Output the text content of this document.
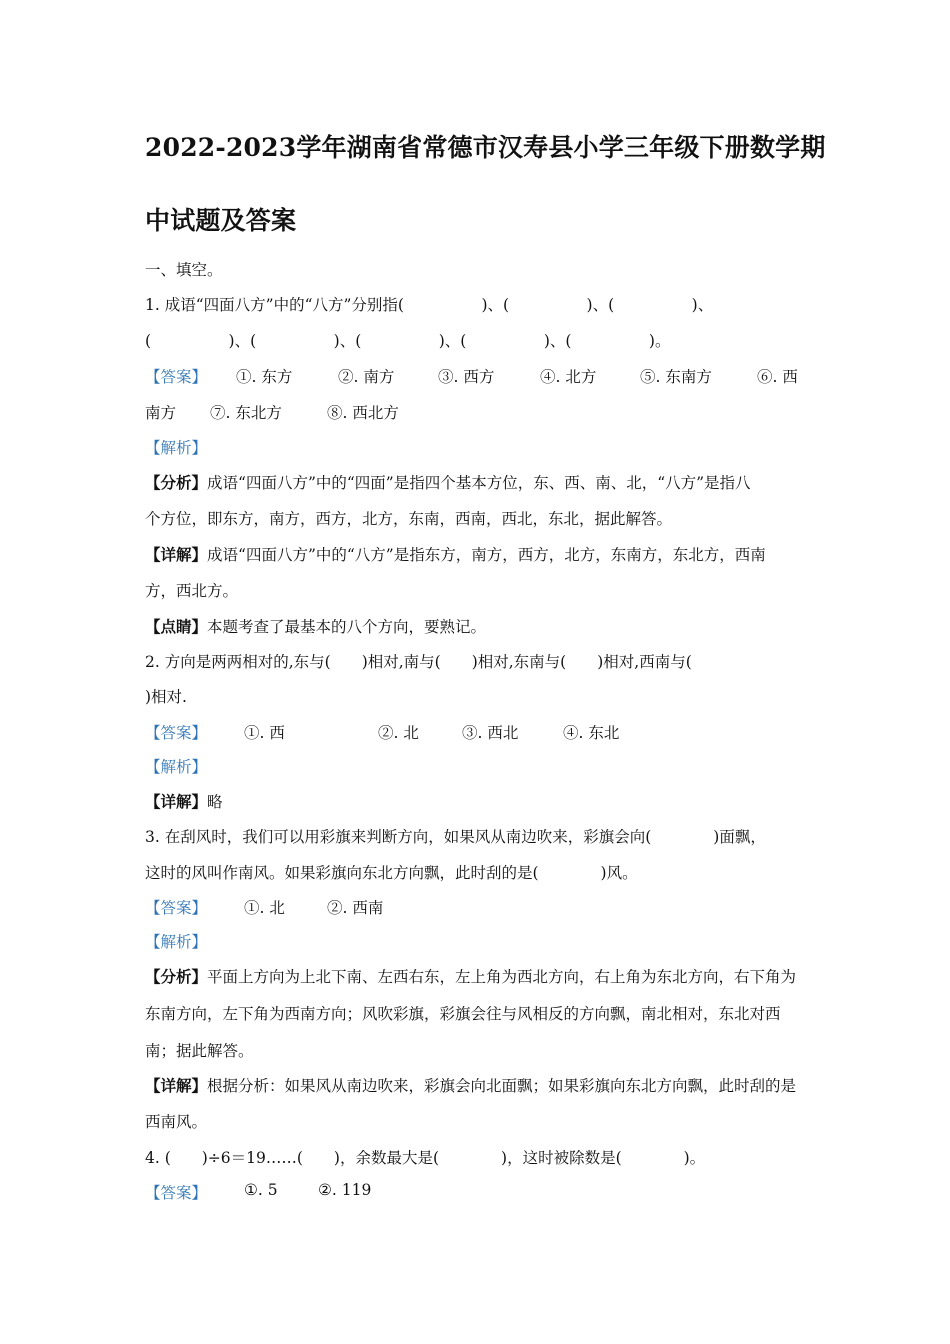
2022-2023学年湖南省常德市汉寿县小学三年级下册数学期
中试题及答案
一、填空。
1. 成语“四面八方”中的“八方”分别指(　　　　　)、(　　　　　)、(　　　　　)、
(　　　　　)、(　　　　　)、(　　　　　)、(　　　　　)、(　　　　　)。
【答案】 ①. 东方	②. 南方	③. 西方	④. 北方	⑤. 东南方	⑥. 西
南方 ⑦. 东北方	⑧. 西北方
【解析】
【分析】成语“四面八方”中的“四面”是指四个基本方位，东、西、南、北，“八方”是指八
个方位，即东方，南方，西方，北方，东南，西南，西北，东北，据此解答。
【详解】成语“四面八方”中的“八方”是指东方，南方，西方，北方，东南方，东北方，西南
方，西北方。
【点睛】本题考查了最基本的八个方向，要熟记。
2. 方向是两两相对的,东与(　　)相对,南与(　　)相对,东南与(　　)相对,西南与(
)相对.
【答案】 ①. 西	②. 北	③. 西北	④. 东北
【解析】
【详解】略
3. 在刮风时，我们可以用彩旗来判断方向，如果风从南边吹来，彩旗会向(　　　　)面飘，
这时的风叫作南风。如果彩旗向东北方向飘，此时刮的是(　　　　)风。
【答案】 ①. 北	②. 西南
【解析】
【分析】平面上方向为上北下南、左西右东，左上角为西北方向，右上角为东北方向，右下角为
东南方向，左下角为西南方向；风吹彩旗，彩旗会往与风相反的方向飘，南北相对，东北对西
南；据此解答。
【详解】根据分析：如果风从南边吹来，彩旗会向北面飘；如果彩旗向东北方向飘，此时刮的是
西南风。
4. (　　)÷6＝19……(　　)，余数最大是(　　　　)，这时被除数是(　　　　)。
【答案】 ①. 5	②. 119
